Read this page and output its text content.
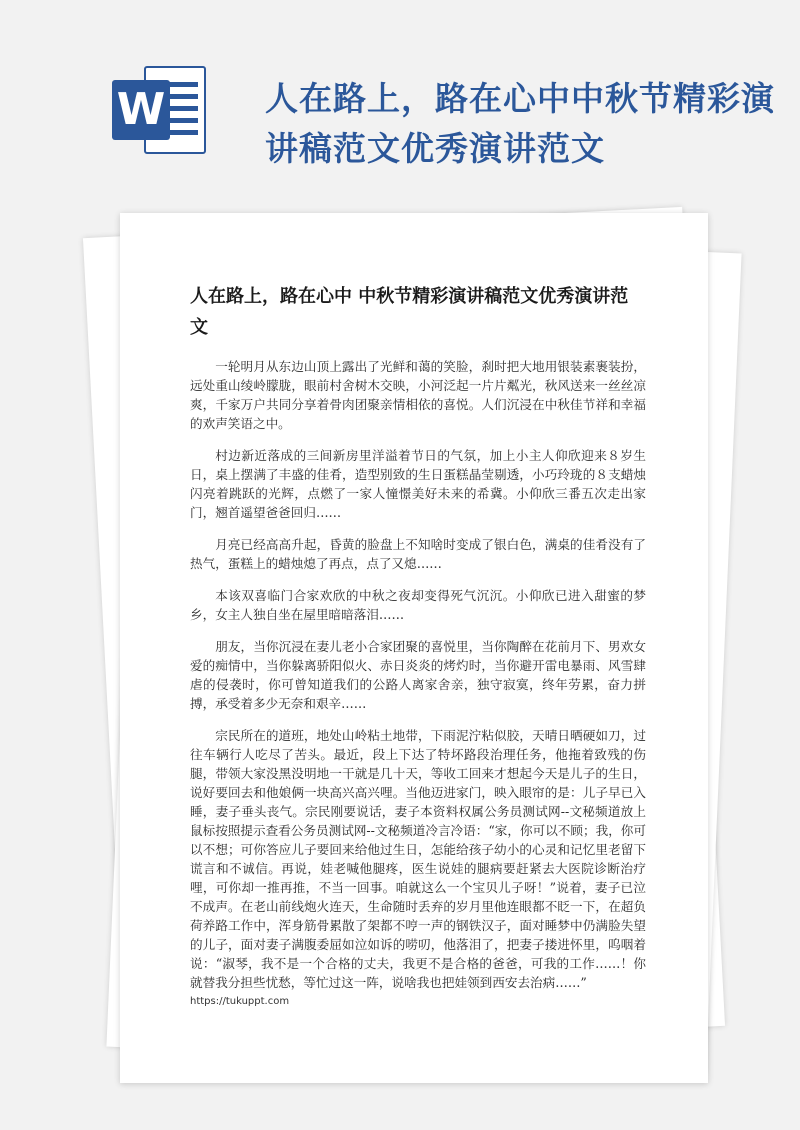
W	人在路上，路在心中中秋节精彩演讲稿范文优秀演讲范文
人在路上，路在心中 中秋节精彩演讲稿范文优秀演讲范文

一轮明月从东边山顶上露出了光鲜和蔼的笑脸，刹时把大地用银装素裹装扮，远处重山绫岭朦胧，眼前村舍树木交映，小河泛起一片片粼光，秋风送来一丝丝凉爽，千家万户共同分享着骨肉团聚亲情相依的喜悦。人们沉浸在中秋佳节祥和幸福的欢声笑语之中。

村边新近落成的三间新房里洋溢着节日的气氛，加上小主人仰欣迎来８岁生日，桌上摆满了丰盛的佳肴，造型别致的生日蛋糕晶莹剔透，小巧玲珑的８支蜡烛闪亮着跳跃的光辉，点燃了一家人憧憬美好未来的希冀。小仰欣三番五次走出家门，翘首遥望爸爸回归……

月亮已经高高升起，昏黄的脸盘上不知啥时变成了银白色，满桌的佳肴没有了热气，蛋糕上的蜡烛熄了再点，点了又熄……

本该双喜临门合家欢欣的中秋之夜却变得死气沉沉。小仰欣已进入甜蜜的梦乡，女主人独自坐在屋里暗暗落泪……

朋友，当你沉浸在妻儿老小合家团聚的喜悦里，当你陶醉在花前月下、男欢女爱的痴情中，当你躲离骄阳似火、赤日炎炎的烤灼时，当你避开雷电暴雨、风雪肆虐的侵袭时，你可曾知道我们的公路人离家舍亲，独守寂寞，终年劳累，奋力拼搏，承受着多少无奈和艰辛……

宗民所在的道班，地处山岭粘土地带，下雨泥泞粘似胶，天晴日晒硬如刀，过往车辆行人吃尽了苦头。最近，段上下达了特坏路段治理任务，他拖着致残的伤腿，带领大家没黑没明地一干就是几十天，等收工回来才想起今天是儿子的生日，说好要回去和他娘俩一块高兴高兴哩。当他迈进家门，映入眼帘的是：儿子早已入睡，妻子垂头丧气。宗民刚要说话，妻子本资料权属公务员测试网--文秘频道放上鼠标按照提示查看公务员测试网--文秘频道冷言冷语：“家，你可以不顾；我，你可以不想；可你答应儿子要回来给他过生日，怎能给孩子幼小的心灵和记忆里老留下谎言和不诚信。再说，娃老喊他腿疼，医生说娃的腿病要赶紧去大医院诊断治疗哩，可你却一推再推，不当一回事。咱就这么一个宝贝儿子呀！”说着，妻子已泣不成声。在老山前线炮火连天，生命随时丢弃的岁月里他连眼都不眨一下，在超负荷养路工作中，浑身筋骨累散了架都不哼一声的钢铁汉子，面对睡梦中仍满脸失望的儿子，面对妻子满腹委屈如泣如诉的唠叨，他落泪了，把妻子搂进怀里，呜咽着说：“淑琴，我不是一个合格的丈夫，我更不是合格的爸爸，可我的工作……！你就替我分担些忧愁，等忙过这一阵，说啥我也把娃领到西安去治病……”

https://tukuppt.com
